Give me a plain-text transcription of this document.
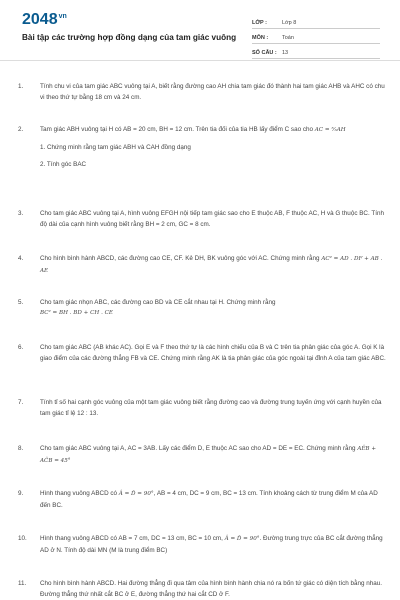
$2048^{vn}$
Bài tập các trường hợp đồng dạng của tam giác vuông
LỚP :	Lớp 8
MÔN :	Toán
SỐ CÂU : 13
1.	Tính chu vi của tam giác ABC vuông tại A, biết rằng đường cao AH chia tam giác đó thành hai tam giác AHB và AHC có chu vi theo thứ tự bằng 18 cm và 24 cm.
2.	Tam giác ABH vuông tại H có AB = 20 cm, BH = 12 cm. Trên tia đối của tia HB lấy điểm C sao cho AC = ⁵⁄₃AH
1. Chứng minh rằng tam giác ABH và CAH đồng dạng
2. Tính góc BAC
3.	Cho tam giác ABC vuông tại A, hình vuông EFGH nội tiếp tam giác sao cho E thuộc AB, F thuộc AC, H và G thuộc BC. Tính độ dài của cạnh hình vuông biết rằng BH = 2 cm, GC = 8 cm.
4.	Cho hình bình hành ABCD, các đường cao CE, CF. Kẻ DH, BK vuông góc với AC. Chứng minh rằng AC² = AD . DF + AB . AE
5.	Cho tam giác nhọn ABC, các đường cao BD và CE cắt nhau tại H. Chứng minh rằng
BC² = BH . BD + CH . CE
6.	Cho tam giác ABC (AB khác AC). Gọi E và F theo thứ tự là các hình chiếu của B và C trên tia phân giác của góc A. Gọi K là giao điểm của các đường thẳng FB và CE. Chứng minh rằng AK là tia phân giác của góc ngoài tại đỉnh A của tam giác ABC.
7.	Tính tỉ số hai cạnh góc vuông của một tam giác vuông biết rằng đường cao và đường trung tuyến ứng với cạnh huyền của tam giác tỉ lệ 12 : 13.
8.	Cho tam giác ABC vuông tại A, AC = 3AB. Lấy các điểm D, E thuộc AC sao cho AD = DE = EC. Chứng minh rằng AÊB + AĈB = 45°
9.	Hình thang vuông ABCD có Â = D̂ = 90°, AB = 4 cm, DC = 9 cm, BC = 13 cm. Tính khoảng cách từ trung điểm M của AD đến BC.
10.	Hình thang vuông ABCD có AB = 7 cm, DC = 13 cm, BC = 10 cm, Â = D̂ = 90°. Đường trung trực của BC cắt đường thẳng AD ở N. Tính độ dài MN (M là trung điểm BC)
11.	Cho hình bình hành ABCD. Hai đường thẳng đi qua tâm của hình bình hành chia nó ra bốn tứ giác có diện tích bằng nhau. Đường thẳng thứ nhất cắt BC ở E, đường thẳng thứ hai cắt CD ở F.
